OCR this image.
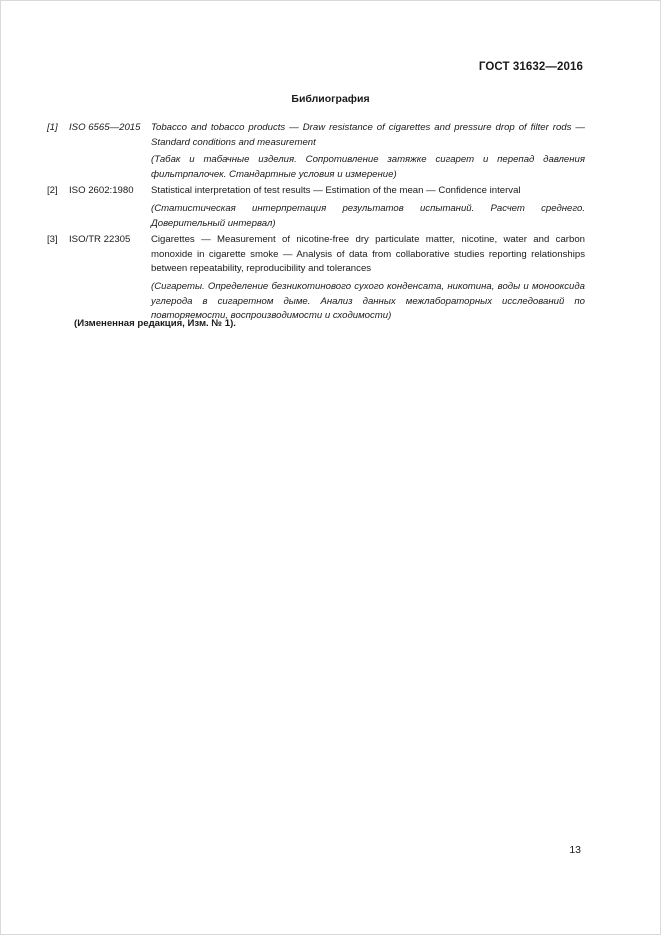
ГОСТ 31632—2016
Библиография
[1]	ISO 6565—2015	Tobacco and tobacco products — Draw resistance of cigarettes and pressure drop of filter rods — Standard conditions and measurement

(Табак и табачные изделия. Сопротивление затяжке сигарет и перепад давления фильтрпалочек. Стандартные условия и измерение)

[2]	ISO 2602:1980	Statistical interpretation of test results — Estimation of the mean — Confidence interval

(Статистическая интерпретация результатов испытаний. Расчет среднего. Доверительный интервал)

[3]	ISO/TR 22305	Cigarettes — Measurement of nicotine-free dry particulate matter, nicotine, water and carbon monoxide in cigarette smoke — Analysis of data from collaborative studies reporting relationships between repeatability, reproducibility and tolerances

(Сигареты. Определение безникотинового сухого конденсата, никотина, воды и монооксида углерода в сигаретном дыме. Анализ данных межлабораторных исследований по повторяемости, воспроизводимости и сходимости)

(Измененная редакция, Изм. № 1).
13
